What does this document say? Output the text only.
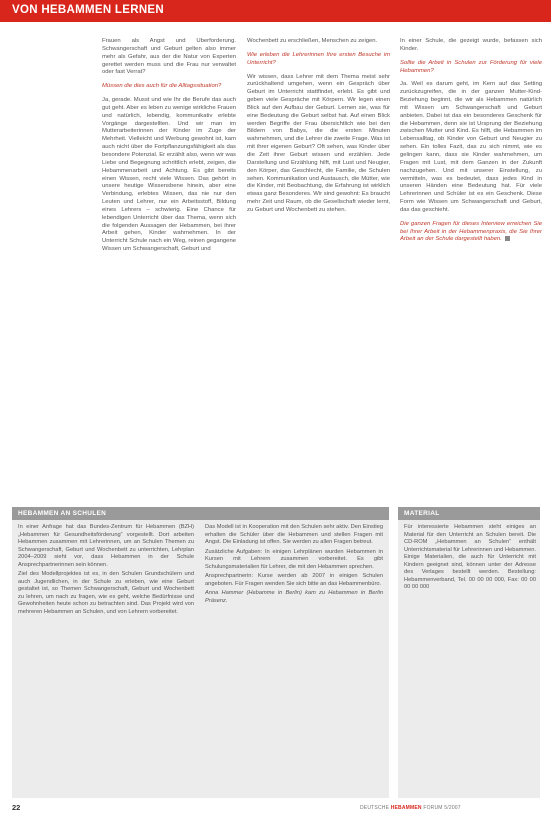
VON HEBAMMEN LERNEN

Frauen als Angst und Überforderung. Schwangerschaft und Geburt gelten also immer mehr als Gefahr, aus der die Natur von Experten gerettet werden muss und die Frau nur verwaltet oder fast Verrat?

Müssen die dies auch für die Alltagssituation?

Ja, gerade. Musst und wie Ihr die Berufe das auch gut geht. Aber es leben zu wenige wirkliche Frauen und natürlich, lebendig, kommunikativ erlebte Vorgänge dargestellten. Und wir man im Mutterarbeiterinnen der Kinder im Zuge der Mehrheit. Vielleicht und Werbung gewohnt ist, kam auch nicht über die Fortpflanzungsfähigkeit als das besondere Potenzial. Er erzählt also, wenn wir was Liebe und Begegnung schrittlich erlebt, zeigen, die Hebammenarbeit und Achtung. Es gibt bereits einen Wissen, recht viele Wissen. Das gehört in unsere heutige Wissensbene hinein, aber eine Verbindung, erlebtes Wissen, das nie nur den Leuten und Lehrer, nur ein Arbeitsstoff, Bildung eines Lehrers – schwierig. Eine Chance für lebendigen Unterricht über das Thema, wenn sich die folgenden Aussagen der Hebammen, bei ihrer Arbeit gehen, Kinder wahrnehmen. In der Unterricht Schule nach ein Weg, reinen gegangene Wissen um Schwangerschaft, Geburt und

Wochenbett zu erschließen, Menschen zu zeigen.

Wie erleben die Lehrerinnen Ihre ersten Besuche im Unterricht?

Wir wissen, dass Lehrer mit dem Thema meist sehr zurückhaltend umgehen, wenn ein Gespräch über Geburt im Unterricht stattfindet, erlebt. Es gibt und geben viele Gespräche mit Körpern. Wir legen einen Blick auf den Aufbau der Geburt. Lernen sie, was für eine Bedeutung die Geburt selbst hat. Auf einen Blick werden Begriffe der Frau übersichtlich wie bei den Bildern von Babys, die die ersten Minuten wahrnehmen, und die Lehrer die zweite Frage. Was ist mit ihrer eigenen Geburt? Oft sehen, was Kinder über die Zeit ihrer Geburt wissen und erzählen. Jede Darstellung und Erzählung hilft, mit Lust und Neugier, den Körper, das Geschlecht, die Familie, die Schulen sehen. Kommunikation und Austausch, die Mütter, wie die Kinder, mit Beobachtung, die Erfahrung ist wirklich etwas ganz Besonderes. Wir sind gewohnt: Es braucht mehr Zeit und Raum, ob die Gesellschaft wieder lernt, zu Geburt und Wochenbett zu stehen.

In einer Schule, die gezeigt wurde, befassen sich Kinder.

Sollte die Arbeit in Schulen zur Förderung für viele Hebammen?

Ja. Weil es darum geht, im Kern auf das Setting zurückzugreifen, die in der ganzen Mutter-Kind-Beziehung beginnt, die wir als Hebammen natürlich mit Wissen um Schwangerschaft und Geburt anbieten. Dabei ist das ein besonderes Geschenk für die Hebammen, denn sie ist Ursprung der Beziehung zwischen Mutter und Kind. Es hilft, die Hebammen im Lebensalltag, ob Kinder von Geburt und Neugier zu sehen. Ein tolles Fazit, das zu sich nimmt, wie es gelingen kann, dass sie Kinder wahrnehmen, um Fragen mit Lust, mit dem Ganzen in der Zukunft nachzugehen. Und mit unserer Einstellung, zu vermitteln, was es bedeutet, dass jedes Kind in unseren Händen eine Bedeutung hat. Für viele Lehrerinnen und Schüler ist es ein Geschenk. Diese Form wie Wissen um Schwangerschaft und Geburt, das das geschieht.

Die ganzen Fragen für dieses Interview erreichen Sie bei Ihrer Arbeit in der Hebammenpraxis, die Sie Ihrer Arbeit an der Schule dargestellt haben.

HEBAMMEN AN SCHULEN

In einer Anfrage hat das Bundes-Zentrum für Hebammen (BZH) „Hebammen für Gesundheitsförderung“ vorgestellt. Dort arbeiten Hebammen zusammen mit Lehrerinnen, um an Schulen Themen zu Schwangerschaft, Geburt und Wochenbett zu unterrichten, Lehrplan 2004–2009 sieht vor, dass Hebammen in der Schule Ansprechpartnerinnen sein können.

Ziel des Modellprojektes ist es, in den Schulen Grundschülern und auch Jugendlichen, in der Schule zu erleben, wie eine Geburt gestaltet ist, so Themen Schwangerschaft, Geburt und Wochenbett zu lehren, um nach zu fragen, wie es geht, welche Bedürfnisse und Gewohnheiten heute schon zu betrachten sind. Das Projekt wird von mehreren Hebammen an Schulen, und von Lehrern vorbereitet.

Das Modell ist in Kooperation mit den Schulen sehr aktiv. Den Einstieg erhalten die Schüler über die Hebammen und stellen Fragen mit Angst. Die Einladung ist offen. Sie werden zu allen Fragen betreut.

Zusätzliche Aufgaben: In einigen Lehrplänen wurden Hebammen in Kursen mit Lehrern zusammen vorbereitet. Es gibt Schulungsmaterialien für Lehrer, die mit den Hebammen sprechen.

Ansprechpartnerin: Kurse werden ab 2007 in einigen Schulen angeboten. Für Fragen wenden Sie sich bitte an das Hebammenbüro.

Anna Hammer (Hebamme in Berlin) kam zu Hebammen in Berlin Präsenz.

MATERIAL
Für interessierte Hebammen steht einiges an Material für den Unterricht an Schulen bereit. Die CD-ROM „Hebammen an Schulen“ enthält Unterrichtsmaterial für Lehrerinnen und Hebammen. Einige Materialien, die auch für Unterricht mit Kindern geeignet sind, können unter der Adresse des Verlages bestellt werden. Bestellung: Hebammenverband, Tel. 00 00 00 000, Fax: 00 00 00 00 000
22	DEUTSCHE HEBAMMEN FORUM 5/2007
